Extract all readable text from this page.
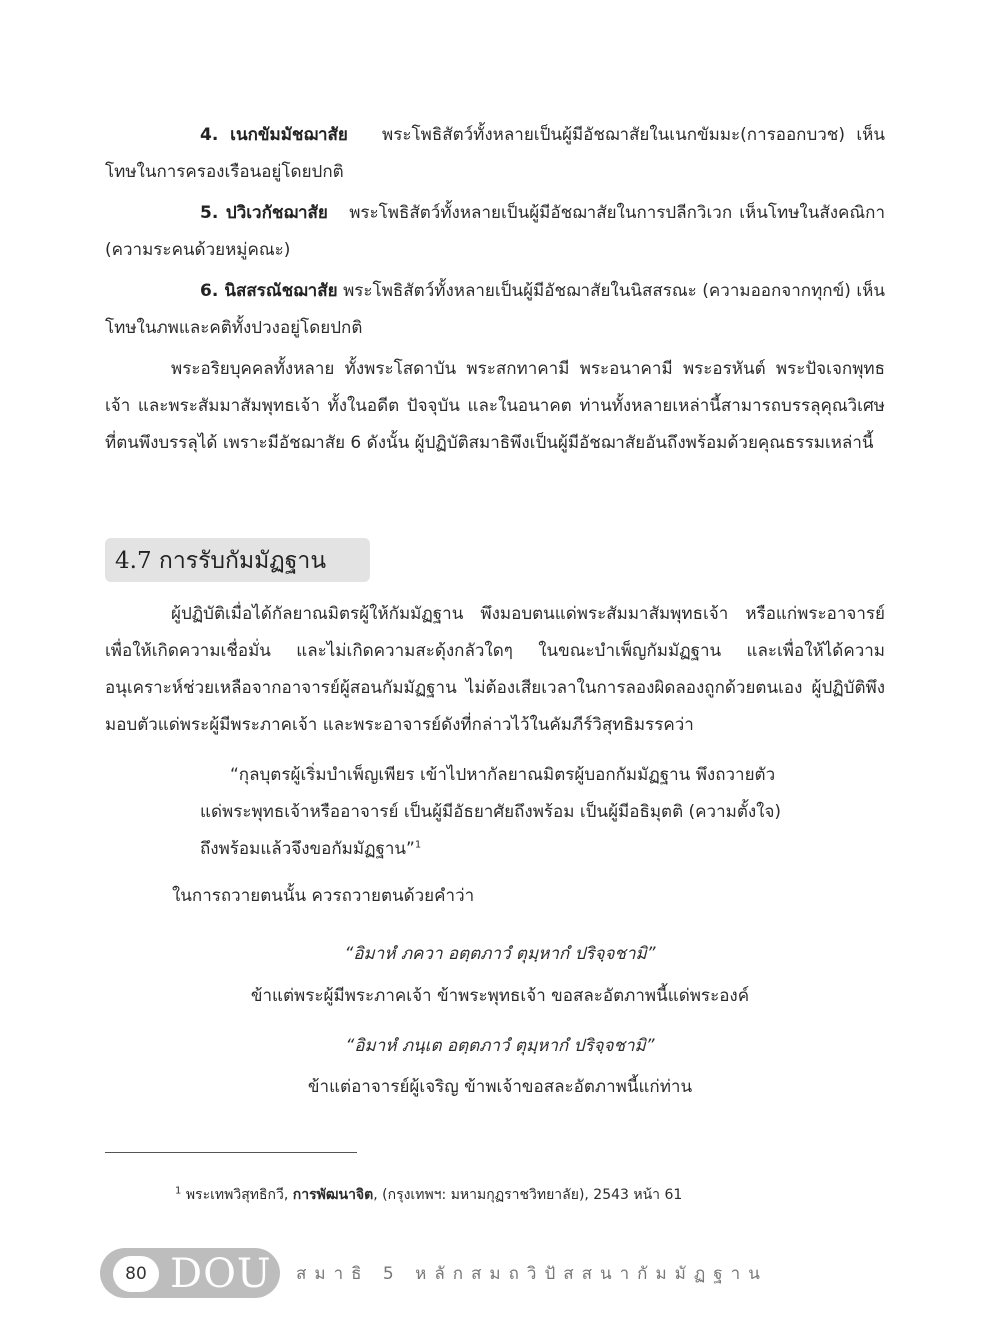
4. เนกขัมมัชฌาสัย พระโพธิสัตว์ทั้งหลายเป็นผู้มีอัชฌาสัยในเนกขัมมะ(การออกบวช) เห็นโทษในการครองเรือนอยู่โดยปกติ

5. ปวิเวกัชฌาสัย พระโพธิสัตว์ทั้งหลายเป็นผู้มีอัชฌาสัยในการปลีกวิเวก เห็นโทษในสังคณิกา (ความระคนด้วยหมู่คณะ)

6. นิสสรณัชฌาสัย พระโพธิสัตว์ทั้งหลายเป็นผู้มีอัชฌาสัยในนิสสรณะ (ความออกจากทุกข์) เห็นโทษในภพและคติทั้งปวงอยู่โดยปกติ

พระอริยบุคคลทั้งหลาย ทั้งพระโสดาบัน พระสกทาคามี พระอนาคามี พระอรหันต์ พระปัจเจกพุทธเจ้า และพระสัมมาสัมพุทธเจ้า ทั้งในอดีต ปัจจุบัน และในอนาคต ท่านทั้งหลายเหล่านี้สามารถบรรลุคุณวิเศษที่ตนพึงบรรลุได้ เพราะมีอัชฌาสัย 6 ดังนั้น ผู้ปฏิบัติสมาธิพึงเป็นผู้มีอัชฌาสัยอันถึงพร้อมด้วยคุณธรรมเหล่านี้

4.7 การรับกัมมัฏฐาน

ผู้ปฏิบัติเมื่อได้กัลยาณมิตรผู้ให้กัมมัฏฐาน พึงมอบตนแด่พระสัมมาสัมพุทธเจ้า หรือแก่พระอาจารย์ เพื่อให้เกิดความเชื่อมั่น และไม่เกิดความสะดุ้งกลัวใดๆ ในขณะบำเพ็ญกัมมัฏฐาน และเพื่อให้ได้ความอนุเคราะห์ช่วยเหลือจากอาจารย์ผู้สอนกัมมัฏฐาน ไม่ต้องเสียเวลาในการลองผิดลองถูกด้วยตนเอง ผู้ปฏิบัติพึงมอบตัวแด่พระผู้มีพระภาคเจ้า และพระอาจารย์ดังที่กล่าวไว้ในคัมภีร์วิสุทธิมรรคว่า

“กุลบุตรผู้เริ่มบำเพ็ญเพียร เข้าไปหากัลยาณมิตรผู้บอกกัมมัฏฐาน พึงถวายตัวแด่พระพุทธเจ้าหรืออาจารย์ เป็นผู้มีอัธยาศัยถึงพร้อม เป็นผู้มีอธิมุตติ (ความตั้งใจ) ถึงพร้อมแล้วจึงขอกัมมัฏฐาน”$^1$

ในการถวายตนนั้น ควรถวายตนด้วยคำว่า

“อิมาหํ ภควา อตฺตภาวํ ตุมฺหากํ ปริจฺจชามิ”

ข้าแต่พระผู้มีพระภาคเจ้า ข้าพระพุทธเจ้า ขอสละอัตภาพนี้แด่พระองค์

“อิมาหํ ภนฺเต อตฺตภาวํ ตุมฺหากํ ปริจฺจชามิ”

ข้าแต่อาจารย์ผู้เจริญ ข้าพเจ้าขอสละอัตภาพนี้แก่ท่าน

$^1$ พระเทพวิสุทธิกวี, การพัฒนาจิต, (กรุงเทพฯ: มหามกุฏราชวิทยาลัย), 2543 หน้า 61

80 DOU สมาธิ 5 หลักสมถวิปัสสนากัมมัฏฐาน
